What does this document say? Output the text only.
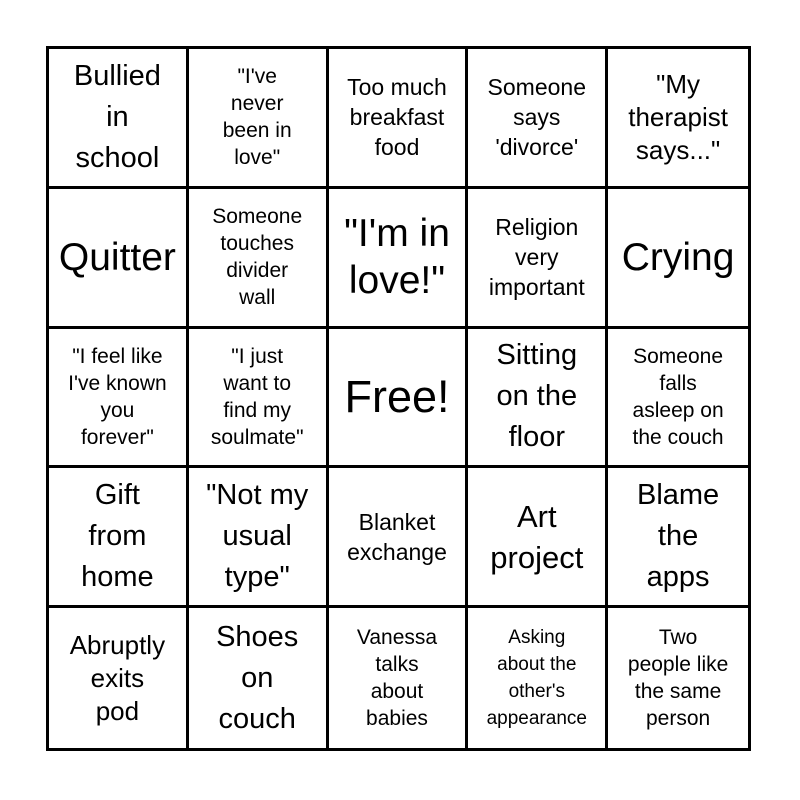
Bullied
in
school
"I've
never
been in
love"
Too much
breakfast
food
Someone
says
'divorce'
"My
therapist
says..."
Quitter
Someone
touches
divider
wall
"I'm in
love!"
Religion
very
important
Crying
"I feel like
I've known
you
forever"
"I just
want to
find my
soulmate"
Free!
Sitting
on the
floor
Someone
falls
asleep on
the couch
Gift
from
home
"Not my
usual
type"
Blanket
exchange
Art
project
Blame
the
apps
Abruptly
exits
pod
Shoes
on
couch
Vanessa
talks
about
babies
Asking
about the
other's
appearance
Two
people like
the same
person
